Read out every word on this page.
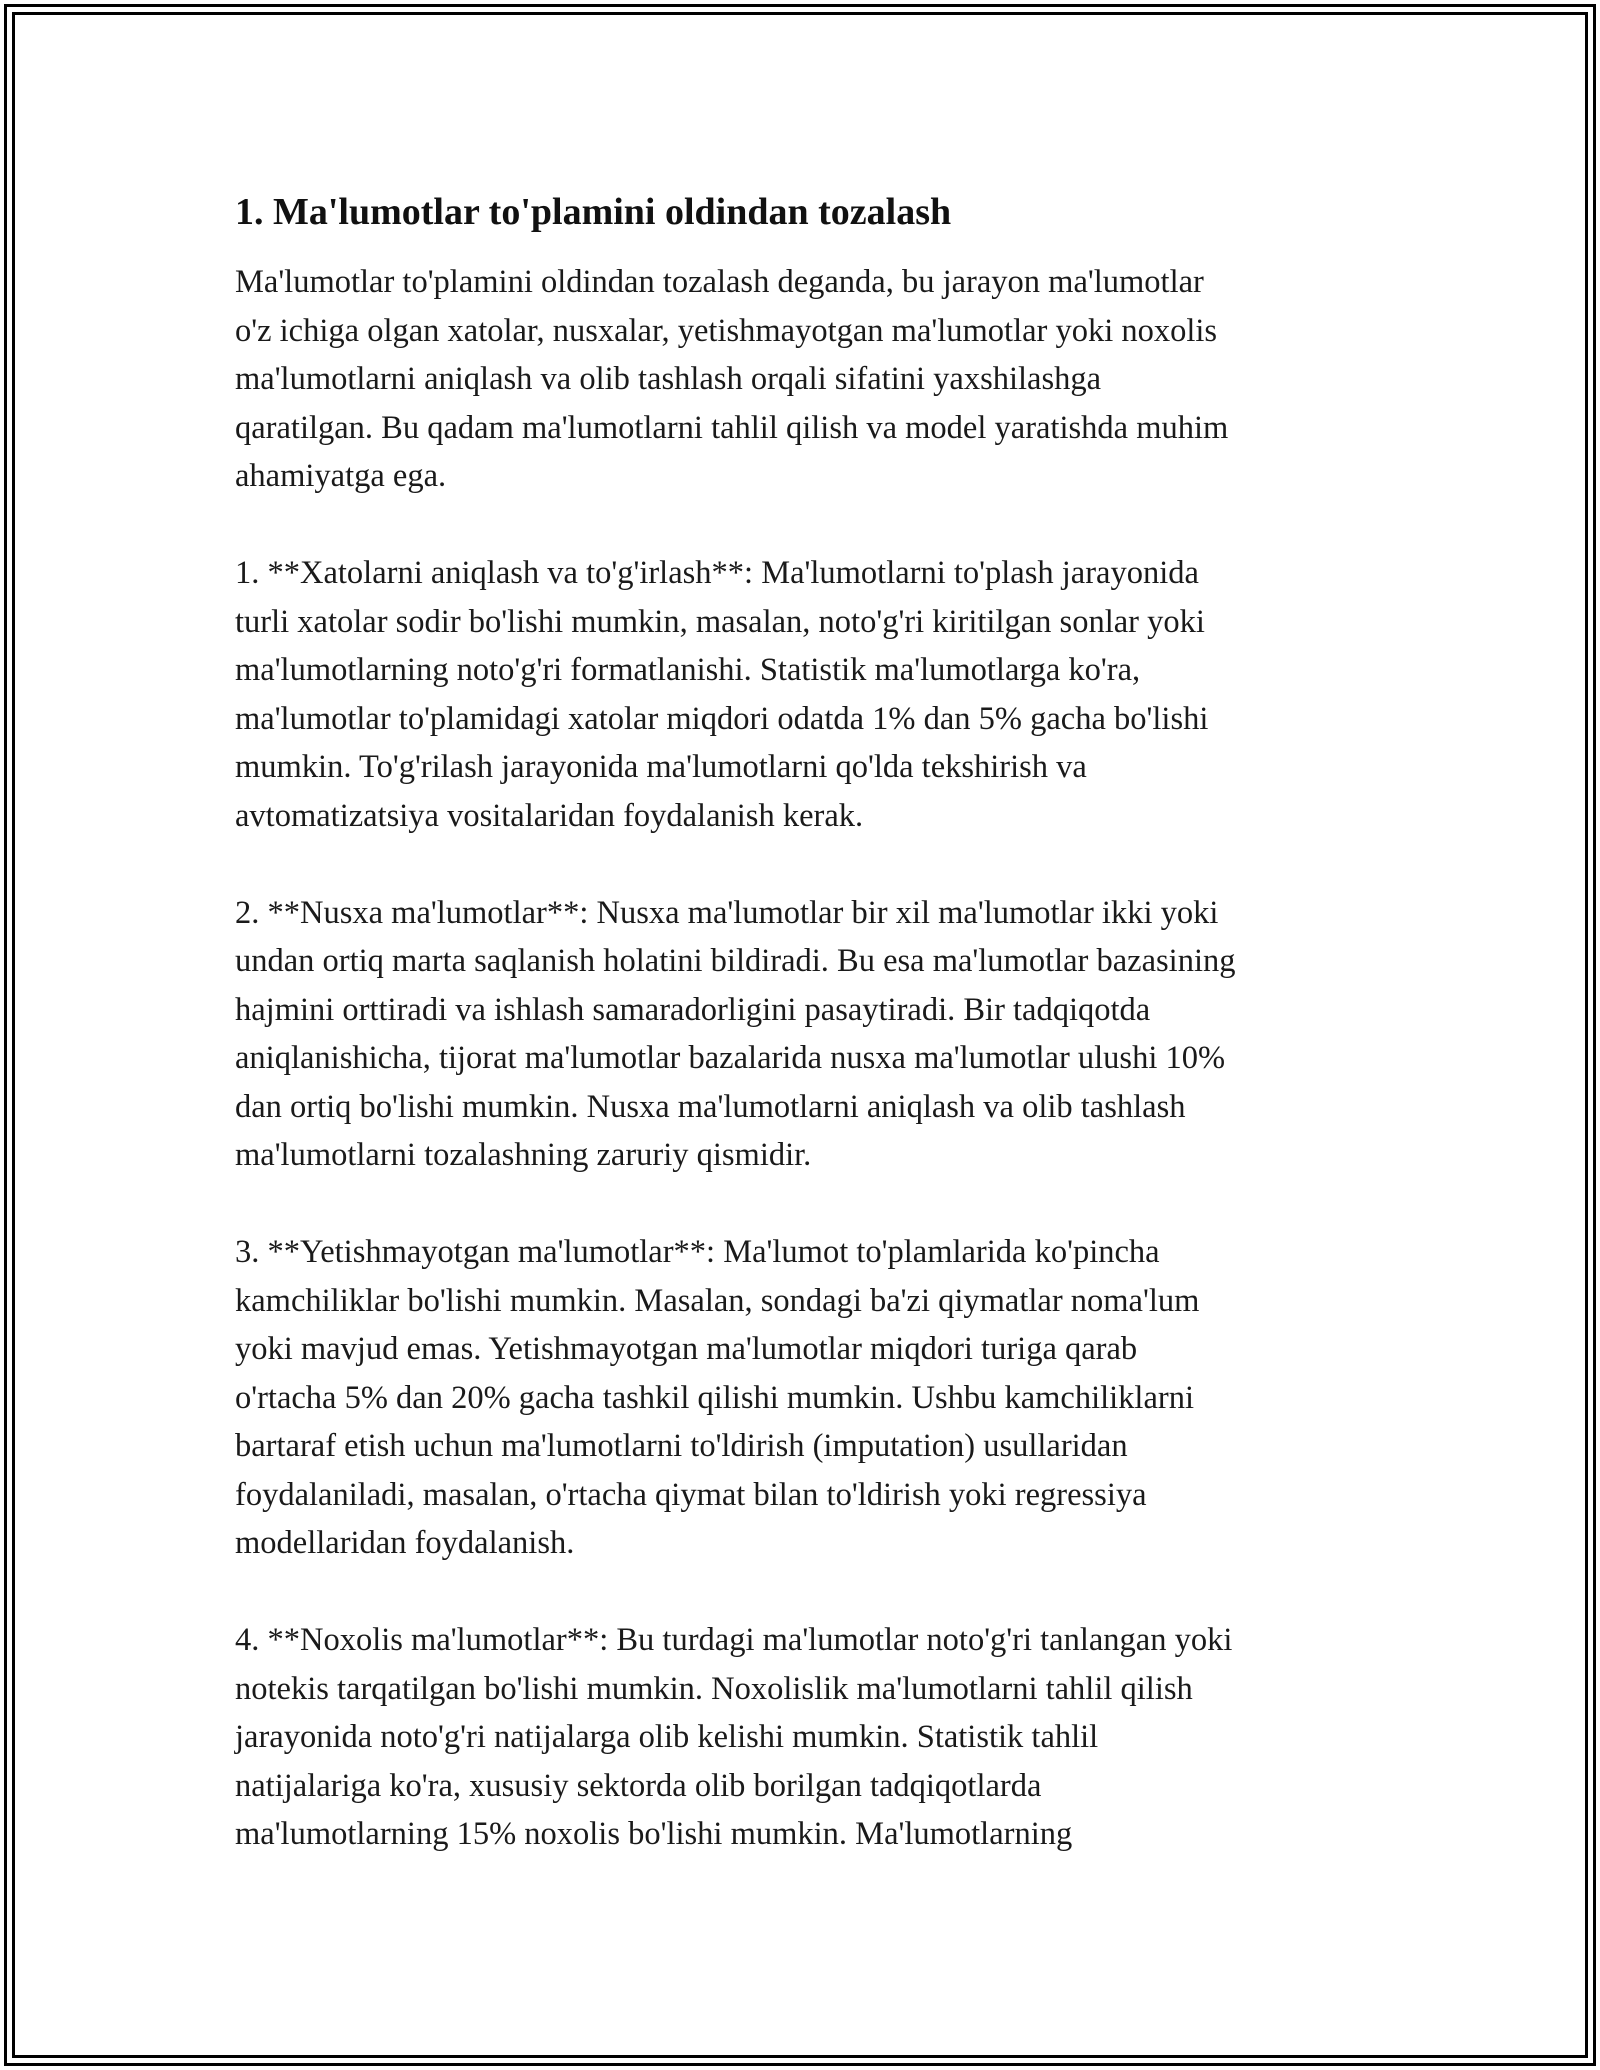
1. Ma'lumotlar to'plamini oldindan tozalash

Ma'lumotlar to'plamini oldindan tozalash deganda, bu jarayon ma'lumotlar
o'z ichiga olgan xatolar, nusxalar, yetishmayotgan ma'lumotlar yoki noxolis
ma'lumotlarni aniqlash va olib tashlash orqali sifatini yaxshilashga
qaratilgan. Bu qadam ma'lumotlarni tahlil qilish va model yaratishda muhim
ahamiyatga ega.

1. **Xatolarni aniqlash va to'g'irlash**: Ma'lumotlarni to'plash jarayonida
turli xatolar sodir bo'lishi mumkin, masalan, noto'g'ri kiritilgan sonlar yoki
ma'lumotlarning noto'g'ri formatlanishi. Statistik ma'lumotlarga ko'ra,
ma'lumotlar to'plamidagi xatolar miqdori odatda 1% dan 5% gacha bo'lishi
mumkin. To'g'rilash jarayonida ma'lumotlarni qo'lda tekshirish va
avtomatizatsiya vositalaridan foydalanish kerak.

2. **Nusxa ma'lumotlar**: Nusxa ma'lumotlar bir xil ma'lumotlar ikki yoki
undan ortiq marta saqlanish holatini bildiradi. Bu esa ma'lumotlar bazasining
hajmini orttiradi va ishlash samaradorligini pasaytiradi. Bir tadqiqotda
aniqlanishicha, tijorat ma'lumotlar bazalarida nusxa ma'lumotlar ulushi 10%
dan ortiq bo'lishi mumkin. Nusxa ma'lumotlarni aniqlash va olib tashlash
ma'lumotlarni tozalashning zaruriy qismidir.

3. **Yetishmayotgan ma'lumotlar**: Ma'lumot to'plamlarida ko'pincha
kamchiliklar bo'lishi mumkin. Masalan, sondagi ba'zi qiymatlar noma'lum
yoki mavjud emas. Yetishmayotgan ma'lumotlar miqdori turiga qarab
o'rtacha 5% dan 20% gacha tashkil qilishi mumkin. Ushbu kamchiliklarni
bartaraf etish uchun ma'lumotlarni to'ldirish (imputation) usullaridan
foydalaniladi, masalan, o'rtacha qiymat bilan to'ldirish yoki regressiya
modellaridan foydalanish.

4. **Noxolis ma'lumotlar**: Bu turdagi ma'lumotlar noto'g'ri tanlangan yoki
notekis tarqatilgan bo'lishi mumkin. Noxolislik ma'lumotlarni tahlil qilish
jarayonida noto'g'ri natijalarga olib kelishi mumkin. Statistik tahlil
natijalariga ko'ra, xususiy sektorda olib borilgan tadqiqotlarda
ma'lumotlarning 15% noxolis bo'lishi mumkin. Ma'lumotlarning
